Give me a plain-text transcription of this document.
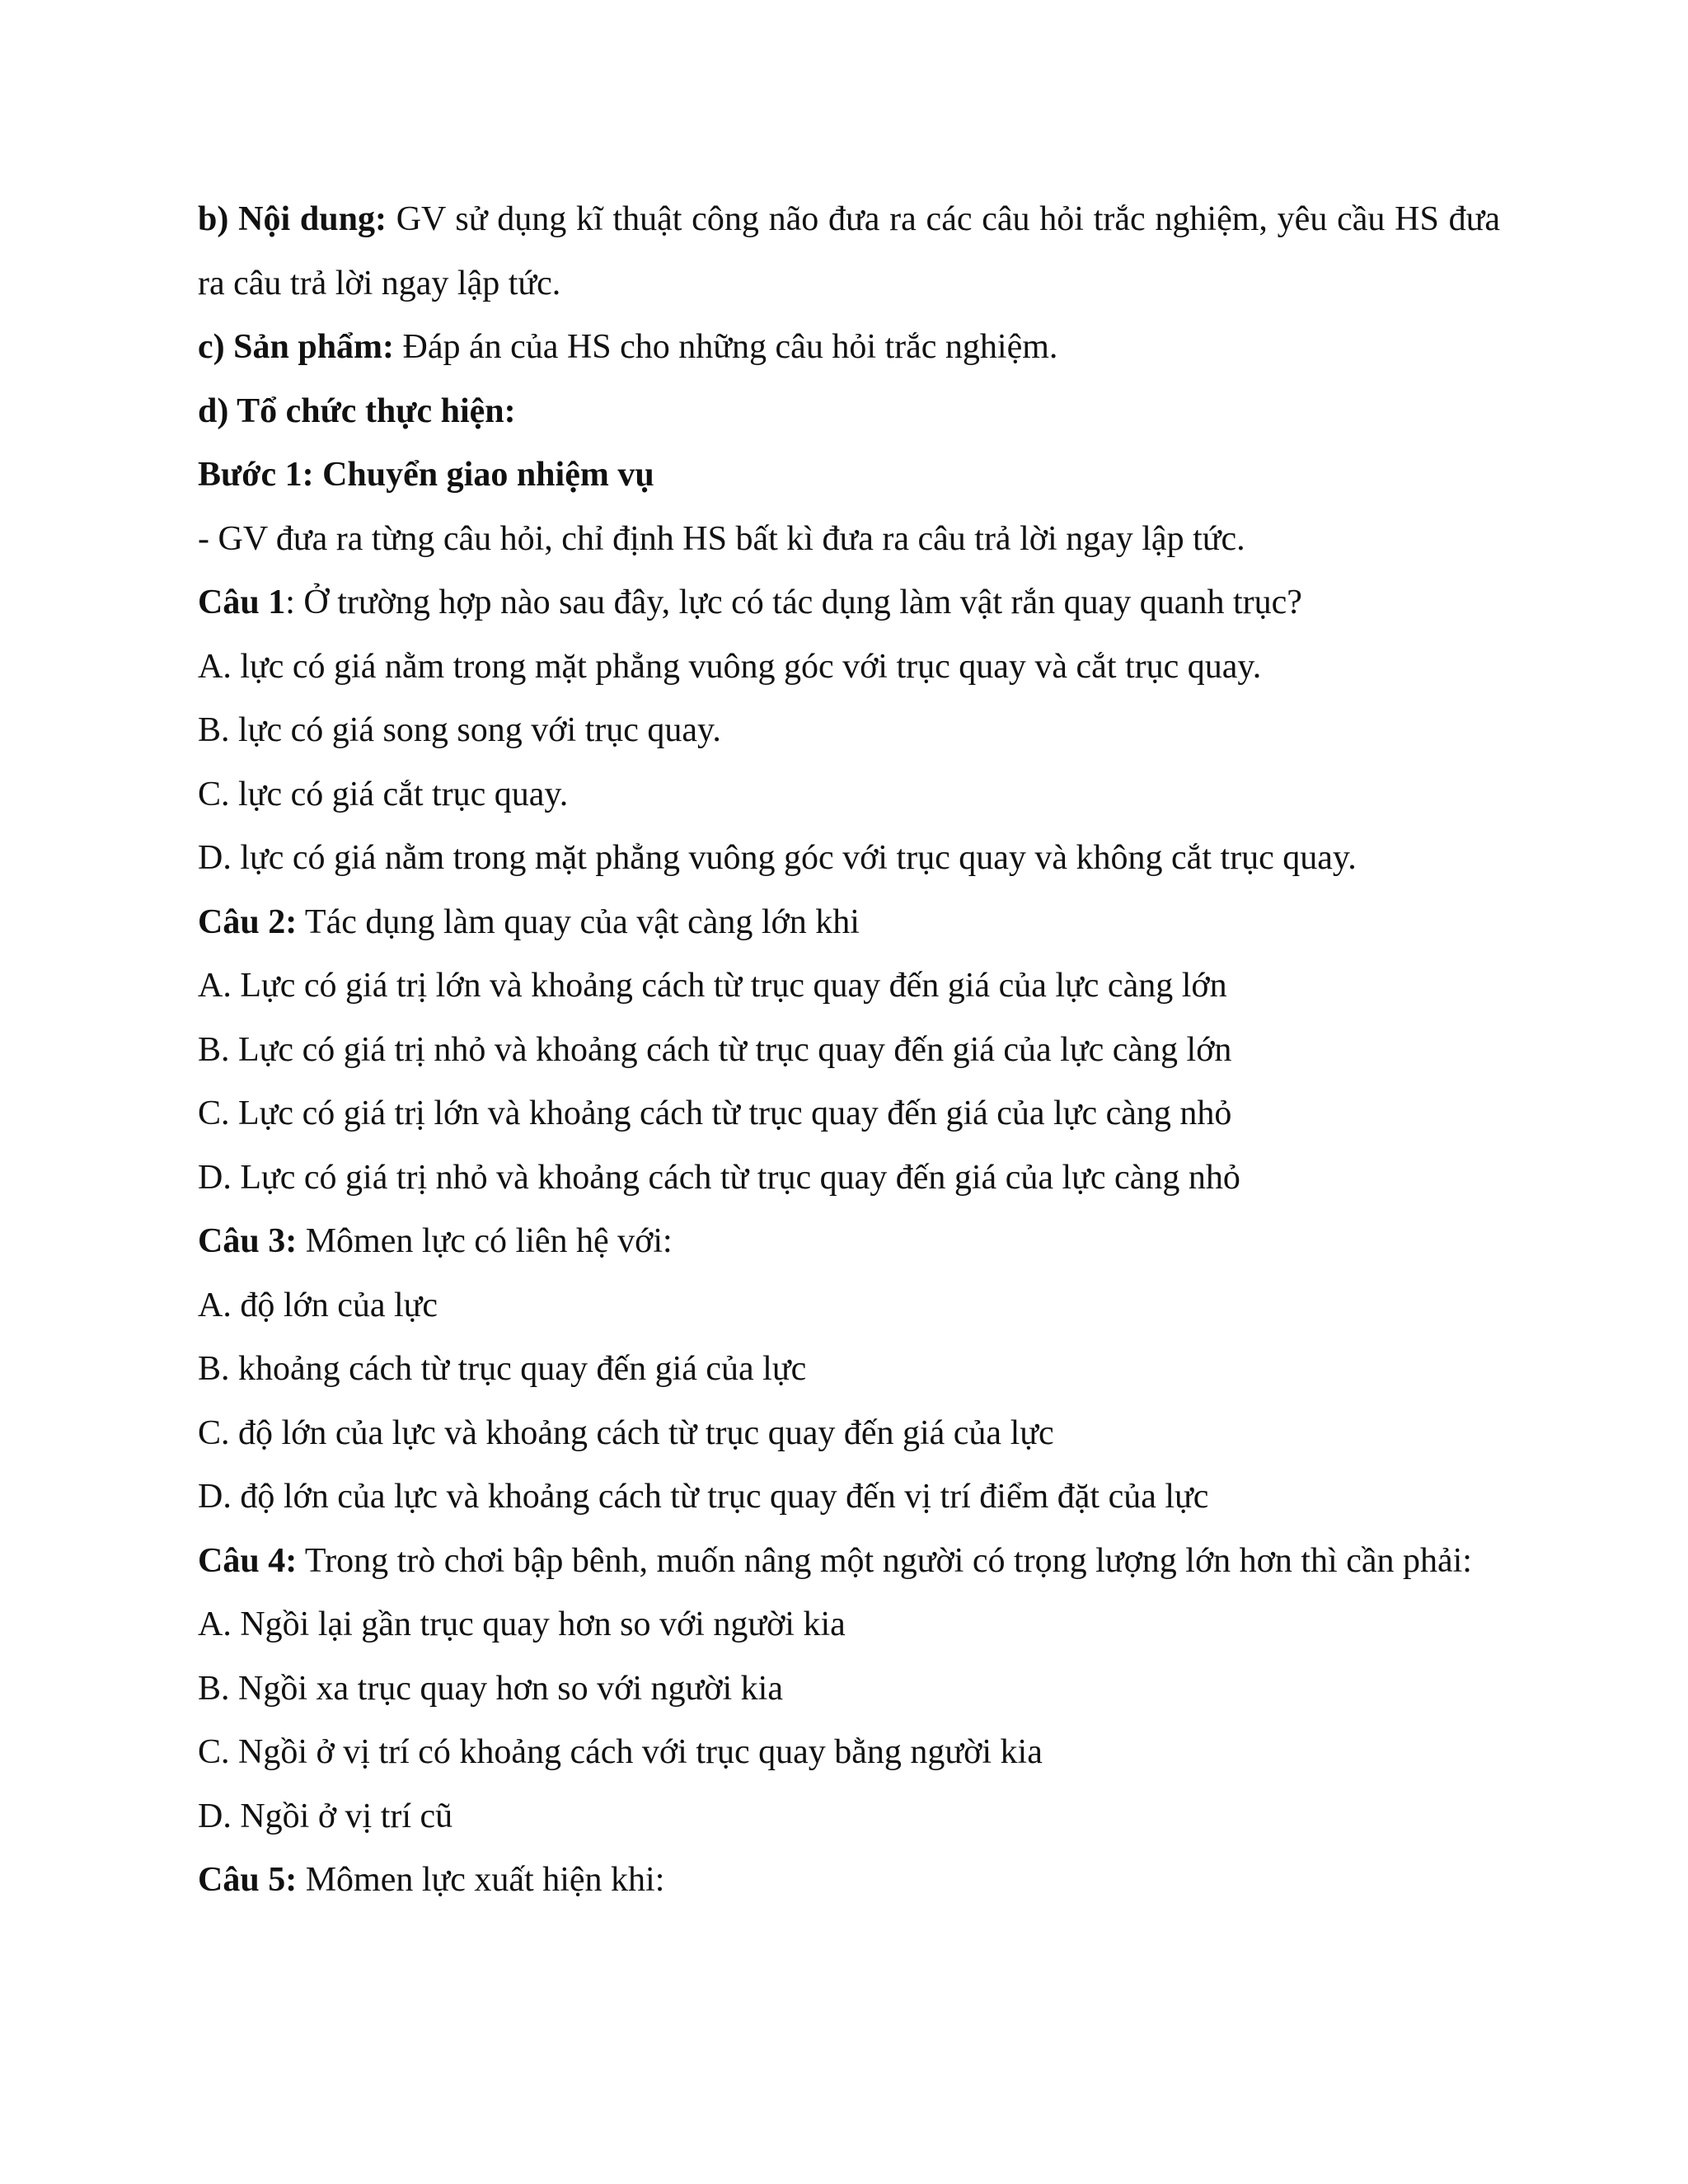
b) Nội dung: GV sử dụng kĩ thuật công não đưa ra các câu hỏi trắc nghiệm, yêu cầu HS đưa ra câu trả lời ngay lập tức.
c) Sản phẩm: Đáp án của HS cho những câu hỏi trắc nghiệm.
d) Tổ chức thực hiện:
Bước 1: Chuyển giao nhiệm vụ
- GV đưa ra từng câu hỏi, chỉ định HS bất kì đưa ra câu trả lời ngay lập tức.
Câu 1: Ở trường hợp nào sau đây, lực có tác dụng làm vật rắn quay quanh trục?
A. lực có giá nằm trong mặt phẳng vuông góc với trục quay và cắt trục quay.
B. lực có giá song song với trục quay.
C. lực có giá cắt trục quay.
D. lực có giá nằm trong mặt phẳng vuông góc với trục quay và không cắt trục quay.
Câu 2: Tác dụng làm quay của vật càng lớn khi
A. Lực có giá trị lớn và khoảng cách từ trục quay đến giá của lực càng lớn
B. Lực có giá trị nhỏ và khoảng cách từ trục quay đến giá của lực càng lớn
C. Lực có giá trị lớn và khoảng cách từ trục quay đến giá của lực càng nhỏ
D. Lực có giá trị nhỏ và khoảng cách từ trục quay đến giá của lực càng nhỏ
Câu 3: Mômen lực có liên hệ với:
A. độ lớn của lực
B. khoảng cách từ trục quay đến giá của lực
C. độ lớn của lực và khoảng cách từ trục quay đến giá của lực
D. độ lớn của lực và khoảng cách từ trục quay đến vị trí điểm đặt của lực
Câu 4: Trong trò chơi bập bênh, muốn nâng một người có trọng lượng lớn hơn thì cần phải:
A. Ngồi lại gần trục quay hơn so với người kia
B. Ngồi xa trục quay hơn so với người kia
C. Ngồi ở vị trí có khoảng cách với trục quay bằng người kia
D. Ngồi ở vị trí cũ
Câu 5: Mômen lực xuất hiện khi:
